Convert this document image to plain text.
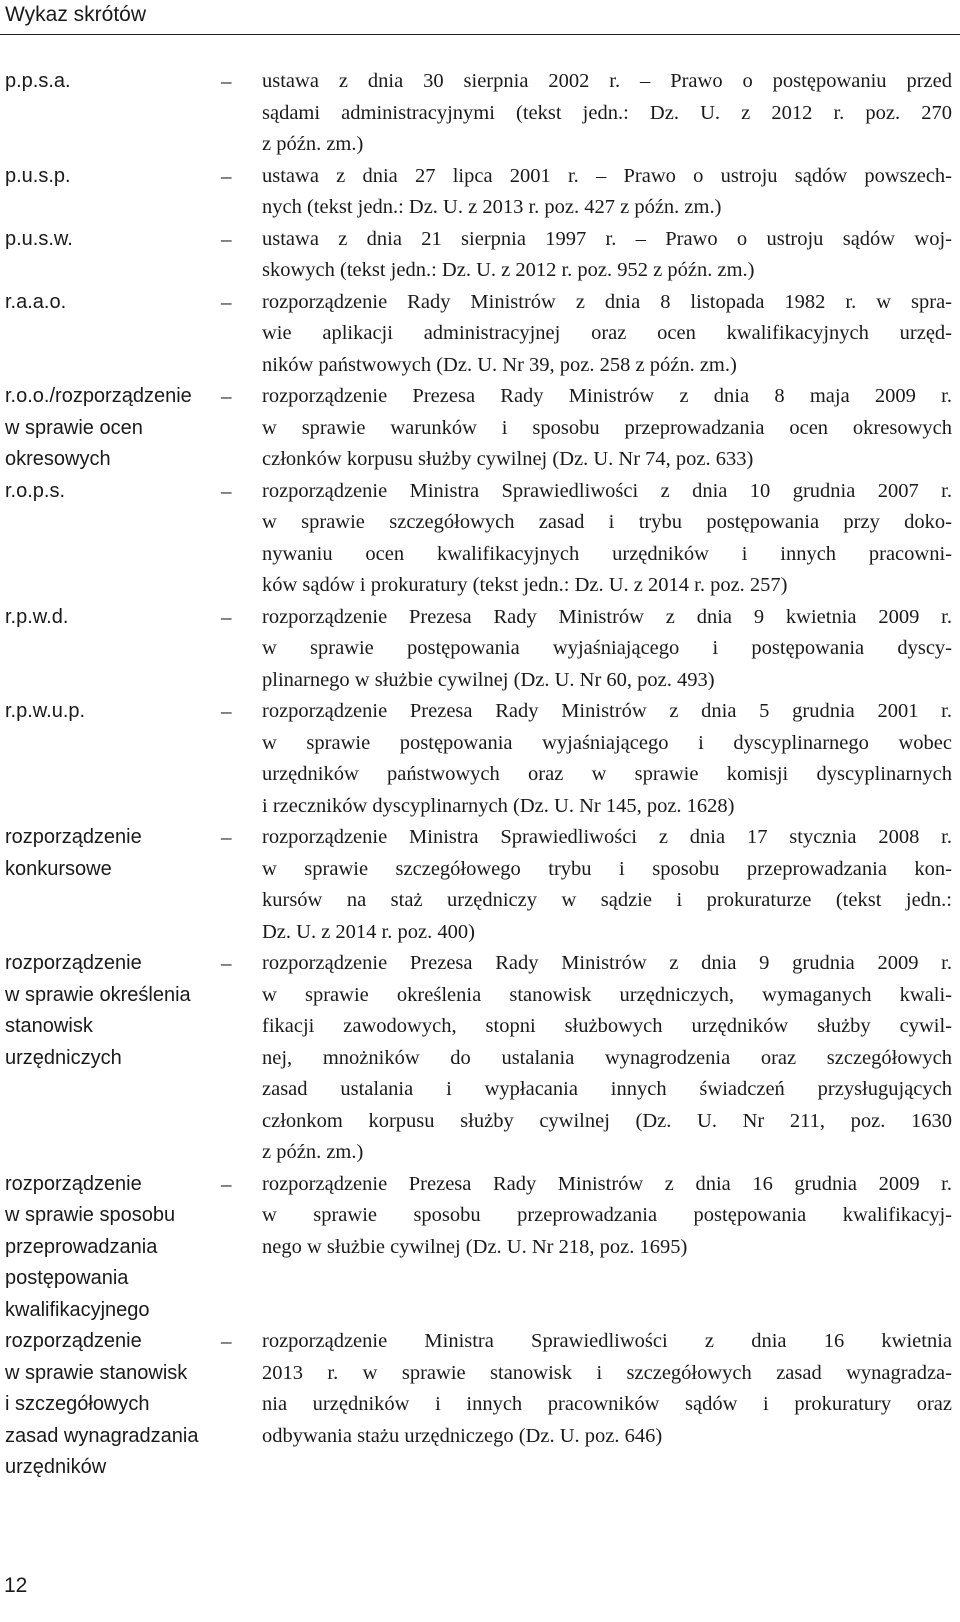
Wykaz skrótów
p.p.s.a.	–	ustawa z dnia 30 sierpnia 2002 r. – Prawo o postępowaniu przed
sądami administracyjnymi (tekst jedn.: Dz. U. z 2012 r. poz. 270
z późn. zm.)
p.u.s.p.	–	ustawa z dnia 27 lipca 2001 r. – Prawo o ustroju sądów powszech-
nych (tekst jedn.: Dz. U. z 2013 r. poz. 427 z późn. zm.)
p.u.s.w.	–	ustawa z dnia 21 sierpnia 1997 r. – Prawo o ustroju sądów woj-
skowych (tekst jedn.: Dz. U. z 2012 r. poz. 952 z późn. zm.)
r.a.a.o.	–	rozporządzenie Rady Ministrów z dnia 8 listopada 1982 r. w spra-
wie aplikacji administracyjnej oraz ocen kwalifikacyjnych urzęd-
ników państwowych (Dz. U. Nr 39, poz. 258 z późn. zm.)
r.o.o./rozporządzenie
w sprawie ocen
okresowych
–	rozporządzenie Prezesa Rady Ministrów z dnia 8 maja 2009 r.
w sprawie warunków i sposobu przeprowadzania ocen okresowych
członków korpusu służby cywilnej (Dz. U. Nr 74, poz. 633)
r.o.p.s.	–	rozporządzenie Ministra Sprawiedliwości z dnia 10 grudnia 2007 r.
w sprawie szczegółowych zasad i trybu postępowania przy doko-
nywaniu ocen kwalifikacyjnych urzędników i innych pracowni-
ków sądów i prokuratury (tekst jedn.: Dz. U. z 2014 r. poz. 257)
r.p.w.d.	–	rozporządzenie Prezesa Rady Ministrów z dnia 9 kwietnia 2009 r.
w sprawie postępowania wyjaśniającego i postępowania dyscy-
plinarnego w służbie cywilnej (Dz. U. Nr 60, poz. 493)
r.p.w.u.p.	–	rozporządzenie Prezesa Rady Ministrów z dnia 5 grudnia 2001 r.
w sprawie postępowania wyjaśniającego i dyscyplinarnego wobec
urzędników państwowych oraz w sprawie komisji dyscyplinarnych
i rzeczników dyscyplinarnych (Dz. U. Nr 145, poz. 1628)
rozporządzenie
konkursowe
–	rozporządzenie Ministra Sprawiedliwości z dnia 17 stycznia 2008 r.
w sprawie szczegółowego trybu i sposobu przeprowadzania kon-
kursów na staż urzędniczy w sądzie i prokuraturze (tekst jedn.:
Dz. U. z 2014 r. poz. 400)
rozporządzenie
w sprawie określenia
stanowisk
urzędniczych
–	rozporządzenie Prezesa Rady Ministrów z dnia 9 grudnia 2009 r.
w sprawie określenia stanowisk urzędniczych, wymaganych kwali-
fikacji zawodowych, stopni służbowych urzędników służby cywil-
nej, mnożników do ustalania wynagrodzenia oraz szczegółowych
zasad ustalania i wypłacania innych świadczeń przysługujących
członkom korpusu służby cywilnej (Dz. U. Nr 211, poz. 1630
z późn. zm.)
rozporządzenie
w sprawie sposobu
przeprowadzania
postępowania
kwalifikacyjnego
–	rozporządzenie Prezesa Rady Ministrów z dnia 16 grudnia 2009 r.
w sprawie sposobu przeprowadzania postępowania kwalifikacyj-
nego w służbie cywilnej (Dz. U. Nr 218, poz. 1695)
rozporządzenie
w sprawie stanowisk
i szczegółowych
zasad wynagradzania
urzędników
–	rozporządzenie Ministra Sprawiedliwości z dnia 16 kwietnia
2013 r. w sprawie stanowisk i szczegółowych zasad wynagradza-
nia urzędników i innych pracowników sądów i prokuratury oraz
odbywania stażu urzędniczego (Dz. U. poz. 646)
12
